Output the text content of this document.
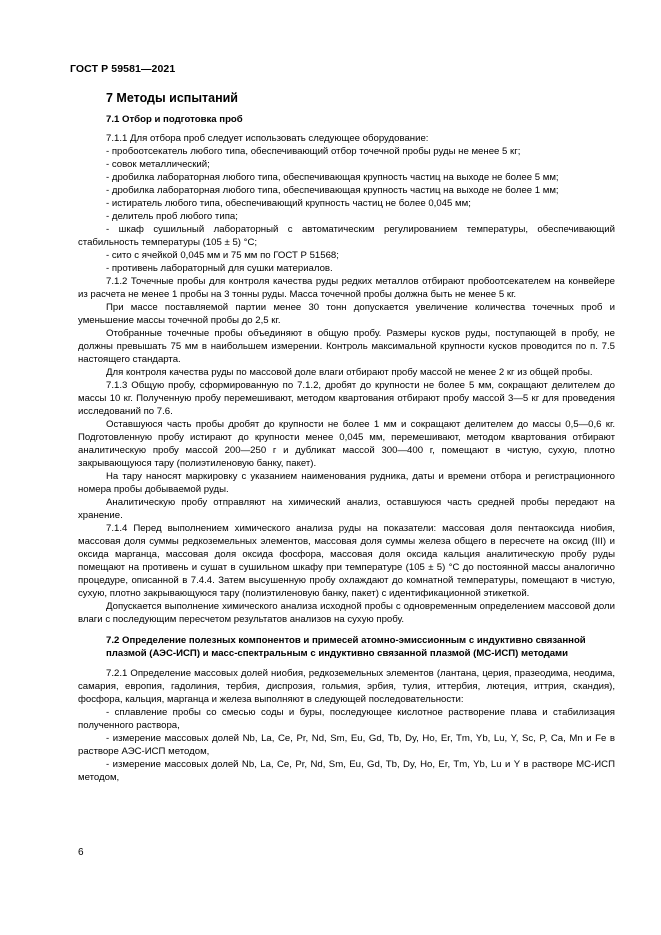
ГОСТ Р 59581—2021
7 Методы испытаний
7.1 Отбор и подготовка проб

7.1.1 Для отбора проб следует использовать следующее оборудование:

- пробоотсекатель любого типа, обеспечивающий отбор точечной пробы руды не менее 5 кг;

- совок металлический;

- дробилка лабораторная любого типа, обеспечивающая крупность частиц на выходе не более 5 мм;

- дробилка лабораторная любого типа, обеспечивающая крупность частиц на выходе не более 1 мм;

- истиратель любого типа, обеспечивающий крупность частиц не более 0,045 мм;

- делитель проб любого типа;

- шкаф сушильный лабораторный с автоматическим регулированием температуры, обеспечивающий стабильность температуры (105 ± 5) °С;

- сито с ячейкой 0,045 мм и 75 мм по ГОСТ Р 51568;

- противень лабораторный для сушки материалов.

7.1.2 Точечные пробы для контроля качества руды редких металлов отбирают пробоотсекателем на конвейере из расчета не менее 1 пробы на 3 тонны руды. Масса точечной пробы должна быть не менее 5 кг.

При массе поставляемой партии менее 30 тонн допускается увеличение количества точечных проб и уменьшение массы точечной пробы до 2,5 кг.

Отобранные точечные пробы объединяют в общую пробу. Размеры кусков руды, поступающей в пробу, не должны превышать 75 мм в наибольшем измерении. Контроль максимальной крупности кусков проводится по п. 7.5 настоящего стандарта.

Для контроля качества руды по массовой доле влаги отбирают пробу массой не менее 2 кг из общей пробы.

7.1.3 Общую пробу, сформированную по 7.1.2, дробят до крупности не более 5 мм, сокращают делителем до массы 10 кг. Полученную пробу перемешивают, методом квартования отбирают пробу массой 3—5 кг для проведения исследований по 7.6.

Оставшуюся часть пробы дробят до крупности не более 1 мм и сокращают делителем до массы 0,5—0,6 кг. Подготовленную пробу истирают до крупности менее 0,045 мм, перемешивают, методом квартования отбирают аналитическую пробу массой 200—250 г и дубликат массой 300—400 г, помещают в чистую, сухую, плотно закрывающуюся тару (полиэтиленовую банку, пакет).

На тару наносят маркировку с указанием наименования рудника, даты и времени отбора и регистрационного номера пробы добываемой руды.

Аналитическую пробу отправляют на химический анализ, оставшуюся часть средней пробы передают на хранение.

7.1.4 Перед выполнением химического анализа руды на показатели: массовая доля пентаоксида ниобия, массовая доля суммы редкоземельных элементов, массовая доля суммы железа общего в пересчете на оксид (III) и оксида марганца, массовая доля оксида фосфора, массовая доля оксида кальция аналитическую пробу руды помещают на противень и сушат в сушильном шкафу при температуре (105 ± 5) °С до постоянной массы аналогично процедуре, описанной в 7.4.4. Затем высушенную пробу охлаждают до комнатной температуры, помещают в чистую, сухую, плотно закрывающуюся тару (полиэтиленовую банку, пакет) с идентификационной этикеткой.

Допускается выполнение химического анализа исходной пробы с одновременным определением массовой доли влаги с последующим пересчетом результатов анализов на сухую пробу.

7.2 Определение полезных компонентов и примесей атомно-эмиссионным с индуктивно связанной плазмой (АЭС-ИСП) и масс-спектральным с индуктивно связанной плазмой (МС-ИСП) методами

7.2.1 Определение массовых долей ниобия, редкоземельных элементов (лантана, церия, празеодима, неодима, самария, европия, гадолиния, тербия, диспрозия, гольмия, эрбия, тулия, иттербия, лютеция, иттрия, скандия), фосфора, кальция, марганца и железа выполняют в следующей последовательности:

- сплавление пробы со смесью соды и буры, последующее кислотное растворение плава и стабилизация полученного раствора,

- измерение массовых долей Nb, La, Ce, Pr, Nd, Sm, Eu, Gd, Tb, Dy, Ho, Er, Tm, Yb, Lu, Y, Sc, P, Ca, Mn и Fe в растворе АЭС-ИСП методом,

- измерение массовых долей Nb, La, Ce, Pr, Nd, Sm, Eu, Gd, Tb, Dy, Ho, Er, Tm, Yb, Lu и Y в растворе МС-ИСП методом,

6
